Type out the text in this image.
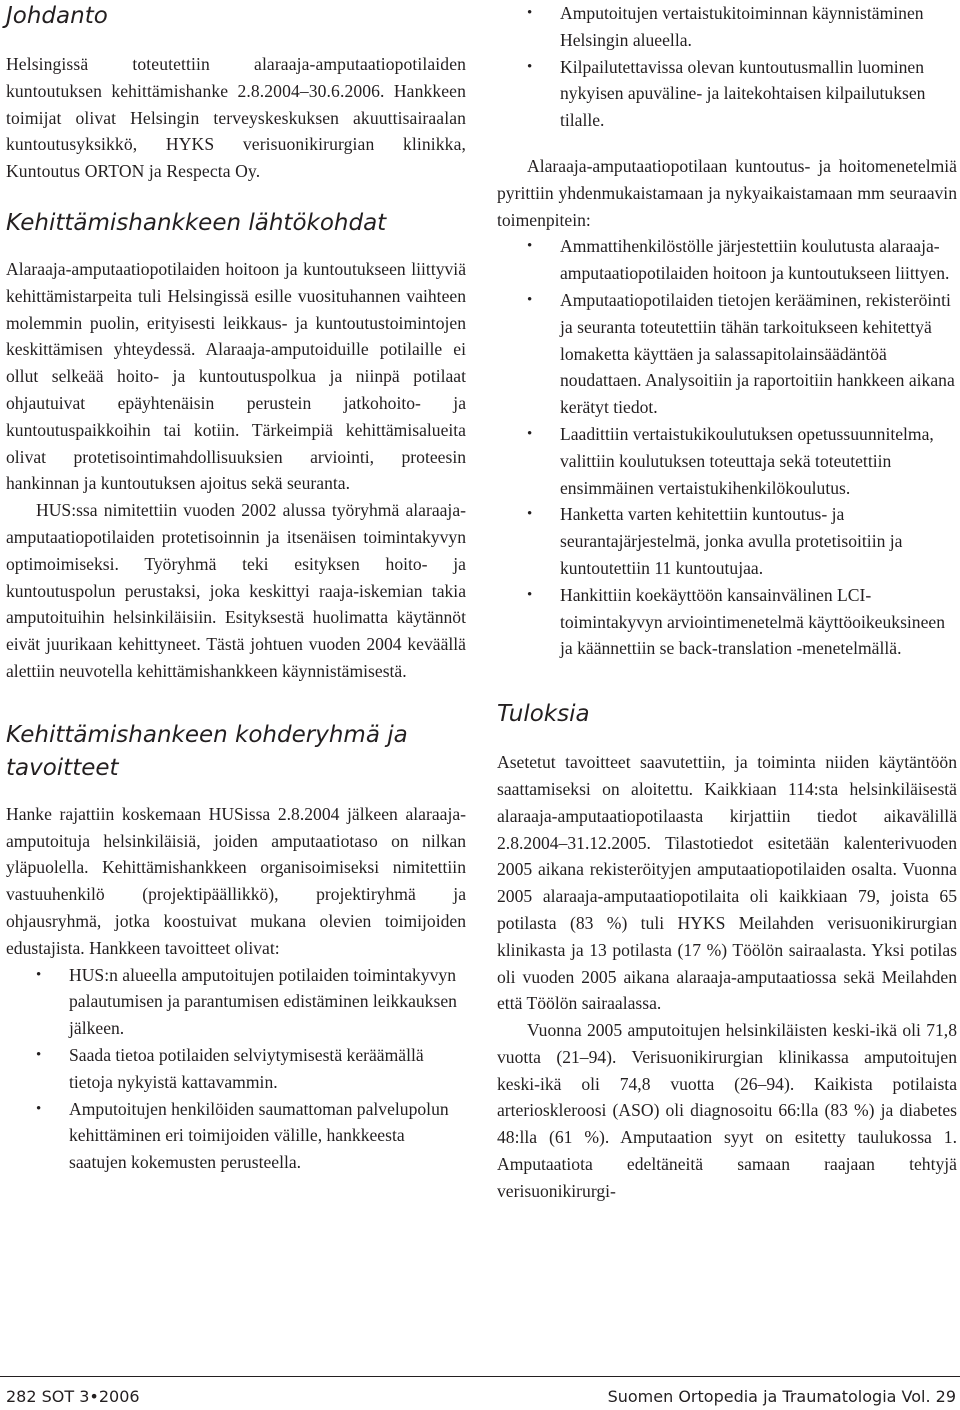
Johdanto

Helsingissä toteutettiin alaraaja-amputaatiopotilaiden kuntoutuksen kehittämishanke 2.8.2004–30.6.2006. Hankkeen toimijat olivat Helsingin terveyskeskuksen akuuttisairaalan kuntoutusyksikkö, HYKS verisuonikirurgian klinikka, Kuntoutus ORTON ja Respecta Oy.

Kehittämishankkeen lähtökohdat

Alaraaja-amputaatiopotilaiden hoitoon ja kuntoutukseen liittyviä kehittämistarpeita tuli Helsingissä esille vuosituhannen vaihteen molemmin puolin, erityisesti leikkaus- ja kuntoutustoimintojen keskittämisen yhteydessä. Alaraaja-amputoiduille potilaille ei ollut selkeää hoito- ja kuntoutuspolkua ja niinpä potilaat ohjautuivat epäyhtenäisin perustein jatkohoito- ja kuntoutuspaikkoihin tai kotiin. Tärkeimpiä kehittämisalueita olivat protetisointimahdollisuuksien arviointi, proteesin hankinnan ja kuntoutuksen ajoitus sekä seuranta.

HUS:ssa nimitettiin vuoden 2002 alussa työryhmä alaraaja-amputaatiopotilaiden protetisoinnin ja itsenäisen toimintakyvyn optimoimiseksi. Työryhmä teki esityksen hoito- ja kuntoutuspolun perustaksi, joka keskittyi raaja-iskemian takia amputoituihin helsinkiläisiin. Esityksestä huolimatta käytännöt eivät juurikaan kehittyneet. Tästä johtuen vuoden 2004 keväällä alettiin neuvotella kehittämishankkeen käynnistämisestä.

Kehittämishankeen kohderyhmä ja tavoitteet

Hanke rajattiin koskemaan HUSissa 2.8.2004 jälkeen alaraaja-amputoituja helsinkiläisiä, joiden amputaatiotaso on nilkan yläpuolella. Kehittämishankkeen organisoimiseksi nimitettiin vastuuhenkilö (projektipäällikkö), projektiryhmä ja ohjausryhmä, jotka koostuivat mukana olevien toimijoiden edustajista. Hankkeen tavoitteet olivat:

• HUS:n alueella amputoitujen potilaiden toimintakyvyn palautumisen ja parantumisen edistäminen leikkauksen jälkeen.
• Saada tietoa potilaiden selviytymisestä keräämällä tietoja nykyistä kattavammin.
• Amputoitujen henkilöiden saumattoman palvelupolun kehittäminen eri toimijoiden välille, hankkeesta saatujen kokemusten perusteella.
• Amputoitujen vertaistukitoiminnan käynnistäminen Helsingin alueella.
• Kilpailutettavissa olevan kuntoutusmallin luominen nykyisen apuväline- ja laitekohtaisen kilpailutuksen tilalle.

Alaraaja-amputaatiopotilaan kuntoutus- ja hoitomenetelmiä pyrittiin yhdenmukaistamaan ja nykyaikaistamaan mm seuraavin toimenpitein:

• Ammattihenkilöstölle järjestettiin koulutusta alaraaja-amputaatiopotilaiden hoitoon ja kuntoutukseen liittyen.
• Amputaatiopotilaiden tietojen kerääminen, rekisteröinti ja seuranta toteutettiin tähän tarkoitukseen kehitettyä lomaketta käyttäen ja salassapitolainsäädäntöä noudattaen. Analysoitiin ja raportoitiin hankkeen aikana kerätyt tiedot.
• Laadittiin vertaistukikoulutuksen opetussuunnitelma, valittiin koulutuksen toteuttaja sekä toteutettiin ensimmäinen vertaistukihenkilökoulutus.
• Hanketta varten kehitettiin kuntoutus- ja seurantajärjestelmä, jonka avulla protetisoitiin ja kuntoutettiin 11 kuntoutujaa.
• Hankittiin koekäyttöön kansainvälinen LCI-toimintakyvyn arviointimenetelmä käyttöoikeuksineen ja käännettiin se back-translation -menetelmällä.
Tuloksia

Asetetut tavoitteet saavutettiin, ja toiminta niiden käytäntöön saattamiseksi on aloitettu. Kaikkiaan 114:sta helsinkiläisestä alaraaja-amputaatiopotilaasta kirjattiin tiedot aikavälillä 2.8.2004–31.12.2005. Tilastotiedot esitetään kalenterivuoden 2005 aikana rekisteröityjen amputaatiopotilaiden osalta. Vuonna 2005 alaraaja-amputaatiopotilaita oli kaikkiaan 79, joista 65 potilasta (83 %) tuli HYKS Meilahden verisuonikirurgian klinikasta ja 13 potilasta (17 %) Töölön sairaalasta. Yksi potilas oli vuoden 2005 aikana alaraaja-amputaatiossa sekä Meilahden että Töölön sairaalassa.

Vuonna 2005 amputoitujen helsinkiläisten keski-ikä oli 71,8 vuotta (21–94). Verisuonikirurgian klinikassa amputoitujen keski-ikä oli 74,8 vuotta (26–94). Kaikista potilaista arterioskleroosi (ASO) oli diagnosoitu 66:lla (83 %) ja diabetes 48:lla (61 %). Amputaation syyt on esitetty taulukossa 1. Amputaatiota edeltäneitä samaan raajaan tehtyjä verisuonikirurgi-

282 SOT 3•2006	Suomen Ortopedia ja Traumatologia Vol. 29
